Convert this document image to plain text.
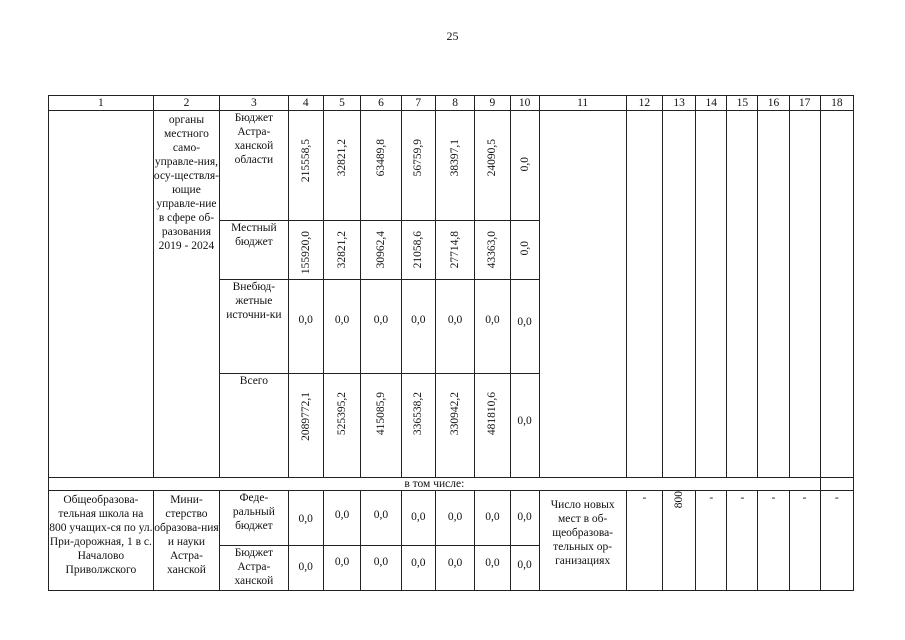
25
1	2	3	4	5	6	7	8	9	10	11	12	13	14	15	16	17	18

	органы местного само-управле-ния, осу-ществля-ющие управле-ние в сфере об-разования 2019 - 2024	Бюджет Астра-ханской области	215558,5	32821,2	63489,8	56759,9	38397,1	24090,5	0,0								
		Местный бюджет	155920,0	32821,2	30962,4	21058,6	27714,8	43363,0	0,0								
		Внебюд-жетные источни-ки	0,0	0,0	0,0	0,0	0,0	0,0	0,0								
		Всего	2089772,1	525395,2	415085,9	336538,2	330942,2	481810,6	0,0								
в том числе:																	
Общеобразова-тельная школа на 800 учащих-ся по ул. При-дорожная, 1 в с. Началово Приволжского	Мини-стерство образова-ния и науки Астра-ханской	Феде-ральный бюджет	0,0	0,0	0,0	0,0	0,0	0,0	0,0	Число новых мест в об-щеобразова-тельных ор-ганизациях	-	800	-	-	-	-	-
		Бюджет Астра-ханской	0,0	0,0	0,0	0,0	0,0	0,0	0,0								
